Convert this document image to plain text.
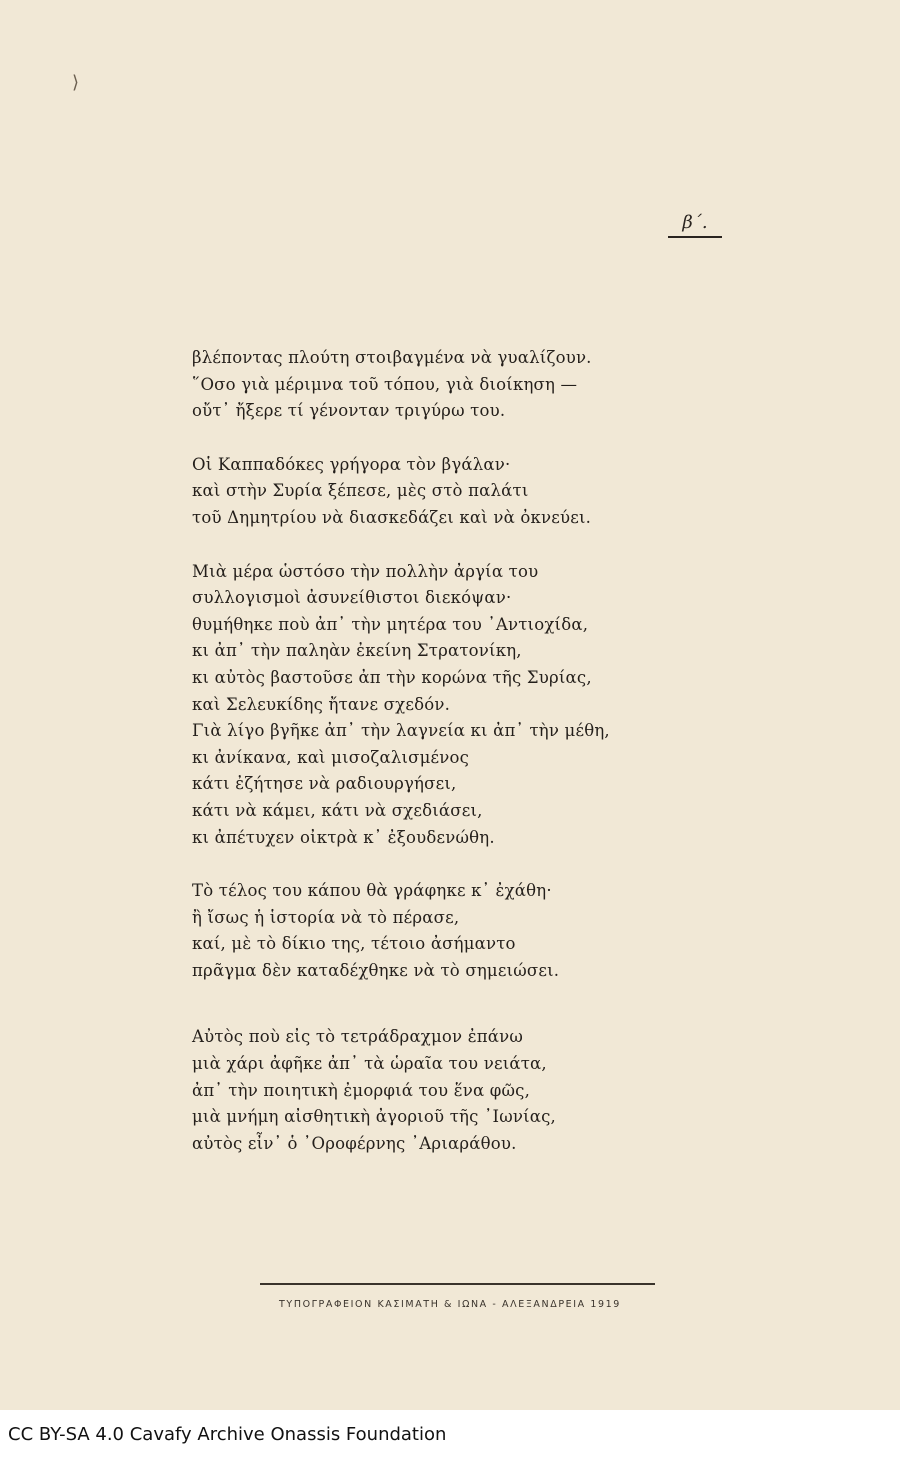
⟩
β΄.
βλέποντας πλούτη στοιβαγμένα νὰ γυαλίζουν.
῞Οσο γιὰ μέριμνα τοῦ τόπου, γιὰ διοίκηση —
οὔτ᾿ ἤξερε τί γένονταν τριγύρω του.
Οἱ Καππαδόκες γρήγορα τὸν βγάλαν·
καὶ στὴν Συρία ξέπεσε, μὲς στὸ παλάτι
τοῦ Δημητρίου νὰ διασκεδάζει καὶ νὰ ὀκνεύει.
Μιὰ μέρα ὡστόσο τὴν πολλὴν ἀργία του
συλλογισμοὶ ἀσυνείθιστοι διεκόψαν·
θυμήθηκε ποὺ ἀπ᾿ τὴν μητέρα του ᾿Αντιοχίδα,
κι ἀπ᾿ τὴν παληὰν ἐκείνη Στρατονίκη,
κι αὐτὸς βαστοῦσε ἀπ τὴν κορώνα τῆς Συρίας,
καὶ Σελευκίδης ἤτανε σχεδόν.
Γιὰ λίγο βγῆκε ἀπ᾿ τὴν λαγνεία κι ἀπ᾿ τὴν μέθη,
κι ἀνίκανα, καὶ μισοζαλισμένος
κάτι ἐζήτησε νὰ ραδιουργήσει,
κάτι νὰ κάμει, κάτι νὰ σχεδιάσει,
κι ἀπέτυχεν οἰκτρὰ κ᾿ ἐξουδενώθη.
Τὸ τέλος του κάπου θὰ γράφηκε κ᾿ ἐχάθη·
ἢ ἴσως ἡ ἱστορία νὰ τὸ πέρασε,
καί, μὲ τὸ δίκιο της, τέτοιο ἀσήμαντο
πρᾶγμα δὲν καταδέχθηκε νὰ τὸ σημειώσει.
Αὐτὸς ποὺ εἰς τὸ τετράδραχμον ἐπάνω
μιὰ χάρι ἀφῆκε ἀπ᾿ τὰ ὡραῖα του νειάτα,
ἀπ᾿ τὴν ποιητικὴ ἐμορφιά του ἕνα φῶς,
μιὰ μνήμη αἰσθητικὴ ἀγοριοῦ τῆς ᾿Ιωνίας,
αὐτὸς εἶν᾿ ὁ ᾿Οροφέρνης ᾿Αριαράθου.
ΤΥΠΟΓΡΑΦΕΙΟΝ ΚΑΣΙΜΑΤΗ & ΙΩΝΑ - ΑΛΕΞΑΝΔΡΕΙΑ 1919
CC BY-SA 4.0 Cavafy Archive Onassis Foundation
